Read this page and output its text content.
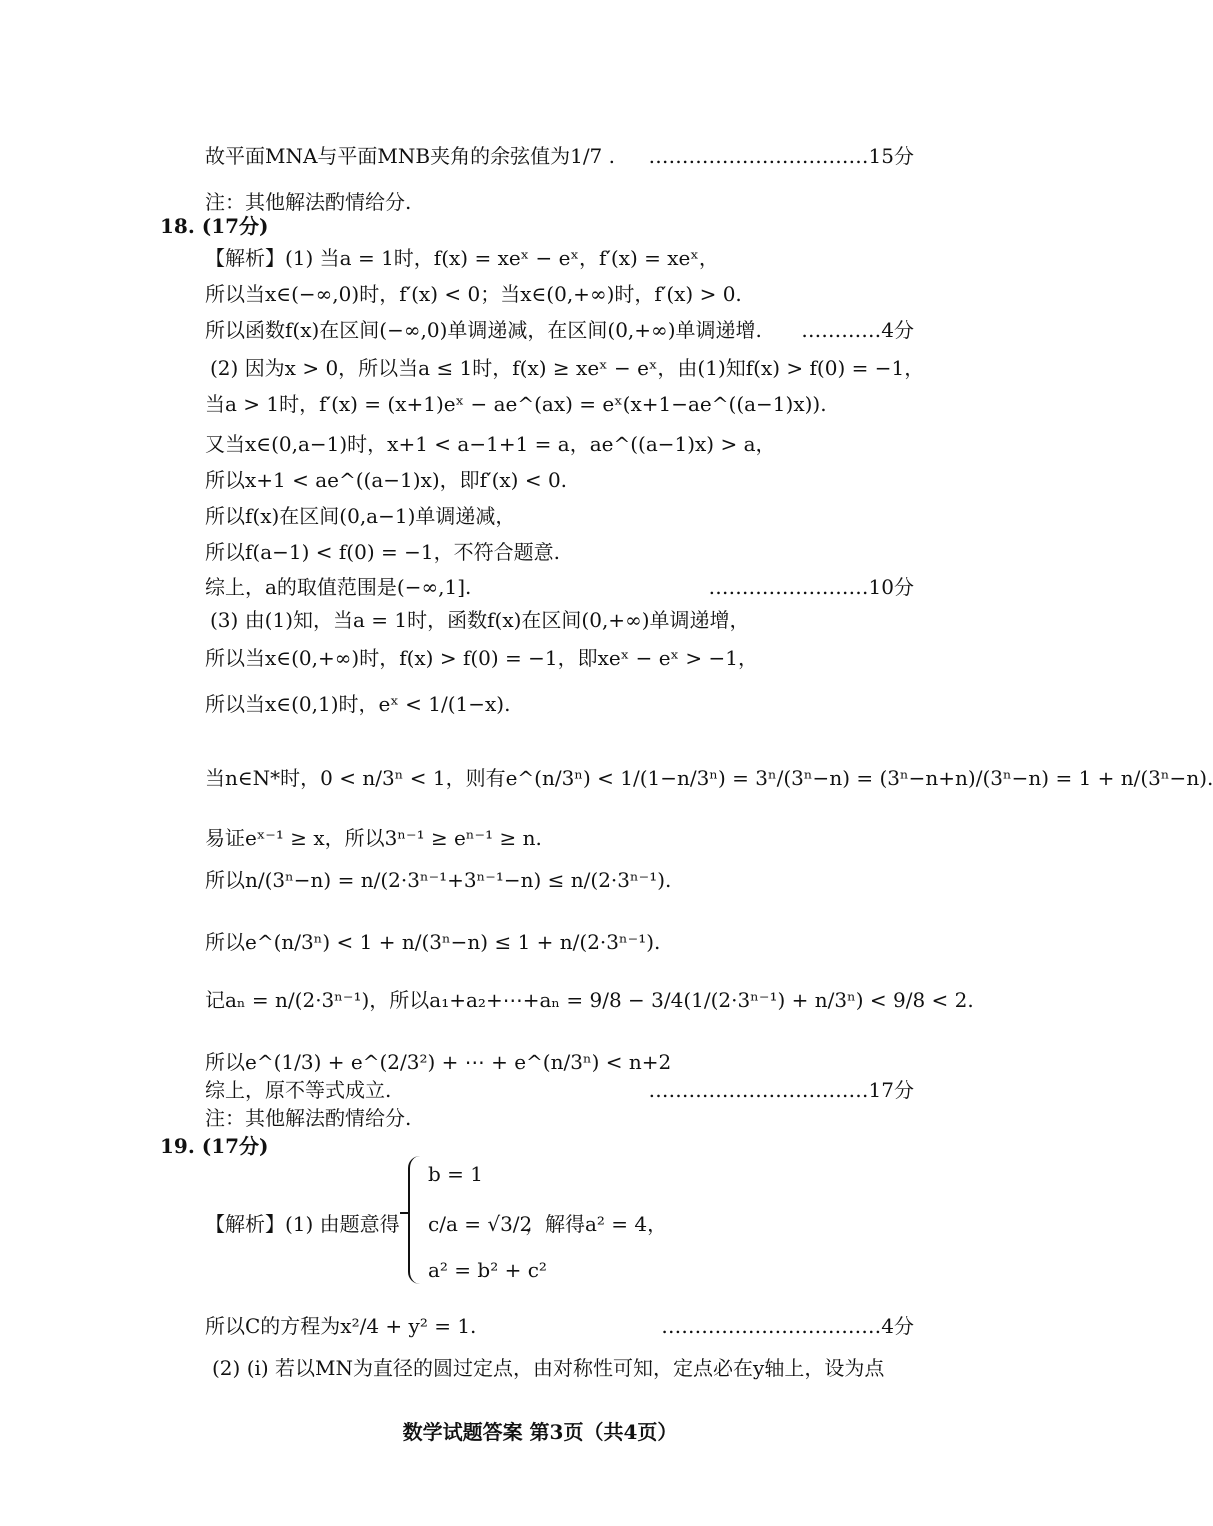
故平面MNA与平面MNB夹角的余弦值为1/7 . ……………………………15分
注：其他解法酌情给分.
18. (17分)
【解析】(1) 当a = 1时，f(x) = xeˣ − eˣ，f′(x) = xeˣ，
所以当x∈(−∞,0)时，f′(x) < 0；当x∈(0,+∞)时，f′(x) > 0.
所以函数f(x)在区间(−∞,0)单调递减，在区间(0,+∞)单调递增. …………4分
(2) 因为x > 0，所以当a ≤ 1时，f(x) ≥ xeˣ − eˣ，由(1)知f(x) > f(0) = −1，
当a > 1时，f′(x) = (x+1)eˣ − ae^(ax) = eˣ(x+1−ae^((a−1)x)).
又当x∈(0,a−1)时，x+1 < a−1+1 = a，ae^((a−1)x) > a，
所以x+1 < ae^((a−1)x)，即f′(x) < 0.
所以f(x)在区间(0,a−1)单调递减，
所以f(a−1) < f(0) = −1，不符合题意.
综上，a的取值范围是(−∞,1].	……………………10分
(3) 由(1)知，当a = 1时，函数f(x)在区间(0,+∞)单调递增，
所以当x∈(0,+∞)时，f(x) > f(0) = −1，即xeˣ − eˣ > −1，
所以当x∈(0,1)时，eˣ < 1/(1−x).
当n∈N*时，0 < n/3ⁿ < 1，则有e^(n/3ⁿ) < 1/(1−n/3ⁿ) = 3ⁿ/(3ⁿ−n) = (3ⁿ−n+n)/(3ⁿ−n) = 1 + n/(3ⁿ−n).
易证eˣ⁻¹ ≥ x，所以3ⁿ⁻¹ ≥ eⁿ⁻¹ ≥ n.
所以n/(3ⁿ−n) = n/(2·3ⁿ⁻¹+3ⁿ⁻¹−n) ≤ n/(2·3ⁿ⁻¹).
所以e^(n/3ⁿ) < 1 + n/(3ⁿ−n) ≤ 1 + n/(2·3ⁿ⁻¹).
记aₙ = n/(2·3ⁿ⁻¹)，所以a₁+a₂+⋯+aₙ = 9/8 − 3/4(1/(2·3ⁿ⁻¹) + n/3ⁿ) < 9/8 < 2.
所以e^(1/3) + e^(2/3²) + ⋯ + e^(n/3ⁿ) < n+2
综上，原不等式成立.	……………………………17分
注：其他解法酌情给分.
19. (17分)
【解析】(1) 由题意得	，解得a² = 4，
b = 1
c/a = √3/2
a² = b² + c²
所以C的方程为x²/4 + y² = 1.	……………………………4分
(2) (i) 若以MN为直径的圆过定点，由对称性可知，定点必在y轴上，设为点
数学试题答案 第3页（共4页）
